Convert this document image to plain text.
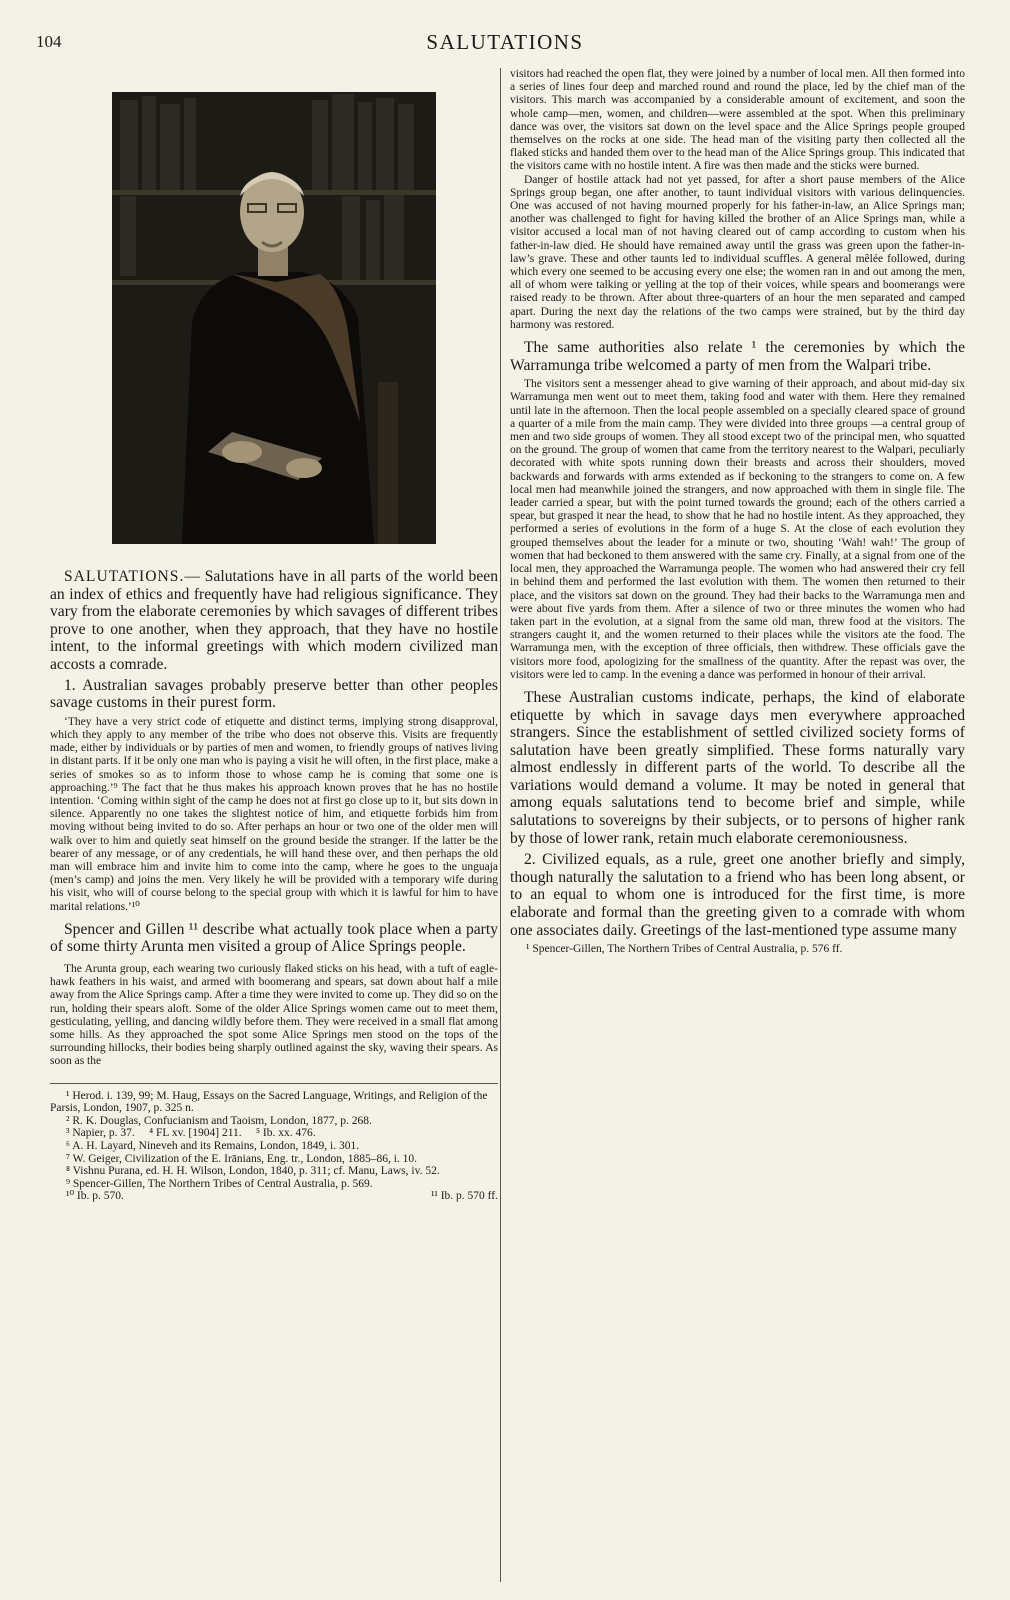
104	SALUTATIONS

SALUTATIONS.— Salutations have in all parts of the world been an index of ethics and frequently have had religious significance. They vary from the elaborate ceremonies by which savages of different tribes prove to one another, when they approach, that they have no hostile intent, to the informal greetings with which modern civilized man accosts a comrade.

1. Australian savages probably preserve better than other peoples savage customs in their purest form.

‘They have a very strict code of etiquette and distinct terms, implying strong disapproval, which they apply to any member of the tribe who does not observe this. Visits are frequently made, either by individuals or by parties of men and women, to friendly groups of natives living in distant parts. If it be only one man who is paying a visit he will often, in the first place, make a series of smokes so as to inform those to whose camp he is coming that some one is approaching.’⁹ The fact that he thus makes his approach known proves that he has no hostile intention. ‘Coming within sight of the camp he does not at first go close up to it, but sits down in silence. Apparently no one takes the slightest notice of him, and etiquette forbids him from moving without being invited to do so. After perhaps an hour or two one of the older men will walk over to him and quietly seat himself on the ground beside the stranger. If the latter be the bearer of any message, or of any credentials, he will hand these over, and then perhaps the old man will embrace him and invite him to come into the camp, where he goes to the unguaja (men’s camp) and joins the men. Very likely he will be provided with a temporary wife during his visit, who will of course belong to the special group with which it is lawful for him to have marital relations.’¹⁰

Spencer and Gillen ¹¹ describe what actually took place when a party of some thirty Arunta men visited a group of Alice Springs people.

The Arunta group, each wearing two curiously flaked sticks on his head, with a tuft of eagle-hawk feathers in his waist, and armed with boomerang and spears, sat down about half a mile away from the Alice Springs camp. After a time they were invited to come up. They did so on the run, holding their spears aloft. Some of the older Alice Springs women came out to meet them, gesticulating, yelling, and dancing wildly before them. They were received in a small flat among some hills. As they approached the spot some Alice Springs men stood on the tops of the surrounding hillocks, their bodies being sharply outlined against the sky, waving their spears. As soon as the

¹ Herod. i. 139, 99; M. Haug, Essays on the Sacred Language, Writings, and Religion of the Parsis, London, 1907, p. 325 n.

² R. K. Douglas, Confucianism and Taoism, London, 1877, p. 268.

³ Napier, p. 37.     ⁴ FL xv. [1904] 211.     ⁵ Ib. xx. 476.

⁶ A. H. Layard, Nineveh and its Remains, London, 1849, i. 301.

⁷ W. Geiger, Civilization of the E. Irānians, Eng. tr., London, 1885–86, i. 10.

⁸ Vishnu Purana, ed. H. H. Wilson, London, 1840, p. 311; cf. Manu, Laws, iv. 52.

⁹ Spencer-Gillen, The Northern Tribes of Central Australia, p. 569.

¹⁰ Ib. p. 570.	¹¹ Ib. p. 570 ff.

visitors had reached the open flat, they were joined by a number of local men. All then formed into a series of lines four deep and marched round and round the place, led by the chief man of the visitors. This march was accompanied by a considerable amount of excitement, and soon the whole camp—men, women, and children—were assembled at the spot. When this preliminary dance was over, the visitors sat down on the level space and the Alice Springs people grouped themselves on the rocks at one side. The head man of the visiting party then collected all the flaked sticks and handed them over to the head man of the Alice Springs group. This indicated that the visitors came with no hostile intent. A fire was then made and the sticks were burned.

Danger of hostile attack had not yet passed, for after a short pause members of the Alice Springs group began, one after another, to taunt individual visitors with various delinquencies. One was accused of not having mourned properly for his father-in-law, an Alice Springs man; another was challenged to fight for having killed the brother of an Alice Springs man, while a visitor accused a local man of not having cleared out of camp according to custom when his father-in-law died. He should have remained away until the grass was green upon the father-in-law’s grave. These and other taunts led to individual scuffles. A general mêlée followed, during which every one seemed to be accusing every one else; the women ran in and out among the men, all of whom were talking or yelling at the top of their voices, while spears and boomerangs were raised ready to be thrown. After about three-quarters of an hour the men separated and camped apart. During the next day the relations of the two camps were strained, but by the third day harmony was restored.

The same authorities also relate ¹ the ceremonies by which the Warramunga tribe welcomed a party of men from the Walpari tribe.

The visitors sent a messenger ahead to give warning of their approach, and about mid-day six Warramunga men went out to meet them, taking food and water with them. Here they remained until late in the afternoon. Then the local people assembled on a specially cleared space of ground a quarter of a mile from the main camp. They were divided into three groups —a central group of men and two side groups of women. They all stood except two of the principal men, who squatted on the ground. The group of women that came from the territory nearest to the Walpari, peculiarly decorated with white spots running down their breasts and across their shoulders, moved backwards and forwards with arms extended as if beckoning to the strangers to come on. A few local men had meanwhile joined the strangers, and now approached with them in single file. The leader carried a spear, but with the point turned towards the ground; each of the others carried a spear, but grasped it near the head, to show that he had no hostile intent. As they approached, they performed a series of evolutions in the form of a huge S. At the close of each evolution they grouped themselves about the leader for a minute or two, shouting ‘Wah! wah!’ The group of women that had beckoned to them answered with the same cry. Finally, at a signal from one of the local men, they approached the Warramunga people. The women who had answered their cry fell in behind them and performed the last evolution with them. The women then returned to their place, and the visitors sat down on the ground. They had their backs to the Warramunga men and were about five yards from them. After a silence of two or three minutes the women who had taken part in the evolution, at a signal from the same old man, threw food at the visitors. The strangers caught it, and the women returned to their places while the visitors ate the food. The Warramunga men, with the exception of three officials, then withdrew. These officials gave the visitors more food, apologizing for the smallness of the quantity. After the repast was over, the visitors were led to camp. In the evening a dance was performed in honour of their arrival.

These Australian customs indicate, perhaps, the kind of elaborate etiquette by which in savage days men everywhere approached strangers. Since the establishment of settled civilized society forms of salutation have been greatly simplified. These forms naturally vary almost endlessly in different parts of the world. To describe all the variations would demand a volume. It may be noted in general that among equals salutations tend to become brief and simple, while salutations to sovereigns by their subjects, or to persons of higher rank by those of lower rank, retain much elaborate ceremoniousness.

2. Civilized equals, as a rule, greet one another briefly and simply, though naturally the salutation to a friend who has been long absent, or to an equal to whom one is introduced for the first time, is more elaborate and formal than the greeting given to a comrade with whom one associates daily. Greetings of the last-mentioned type assume many

¹ Spencer-Gillen, The Northern Tribes of Central Australia, p. 576 ff.
